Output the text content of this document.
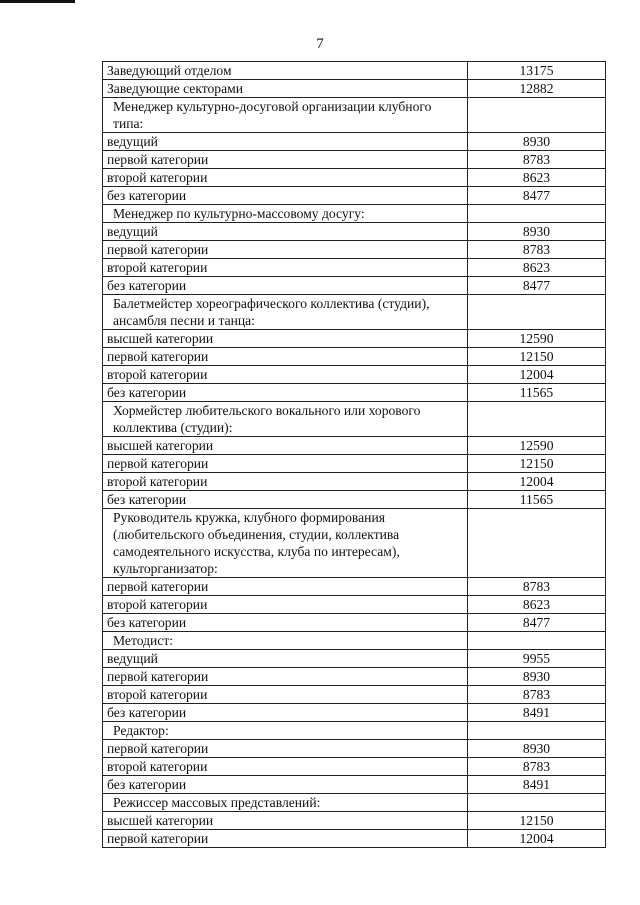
7
Заведующий отделом	13175
Заведующие секторами	12882
Менеджер культурно-досуговой организации клубного типа:	
ведущий	8930
первой категории	8783
второй категории	8623
без категории	8477
Менеджер по культурно-массовому досугу:	
ведущий	8930
первой категории	8783
второй категории	8623
без категории	8477
Балетмейстер хореографического коллектива (студии), ансамбля песни и танца:	
высшей категории	12590
первой категории	12150
второй категории	12004
без категории	11565
Хормейстер любительского вокального или хорового коллектива (студии):	
высшей категории	12590
первой категории	12150
второй категории	12004
без категории	11565
Руководитель кружка, клубного формирования (любительского объединения, студии, коллектива самодеятельного искусства, клуба по интересам), культорганизатор:	
первой категории	8783
второй категории	8623
без категории	8477
Методист:	
ведущий	9955
первой категории	8930
второй категории	8783
без категории	8491
Редактор:	
первой категории	8930
второй категории	8783
без категории	8491
Режиссер массовых представлений:	
высшей категории	12150
первой категории	12004
